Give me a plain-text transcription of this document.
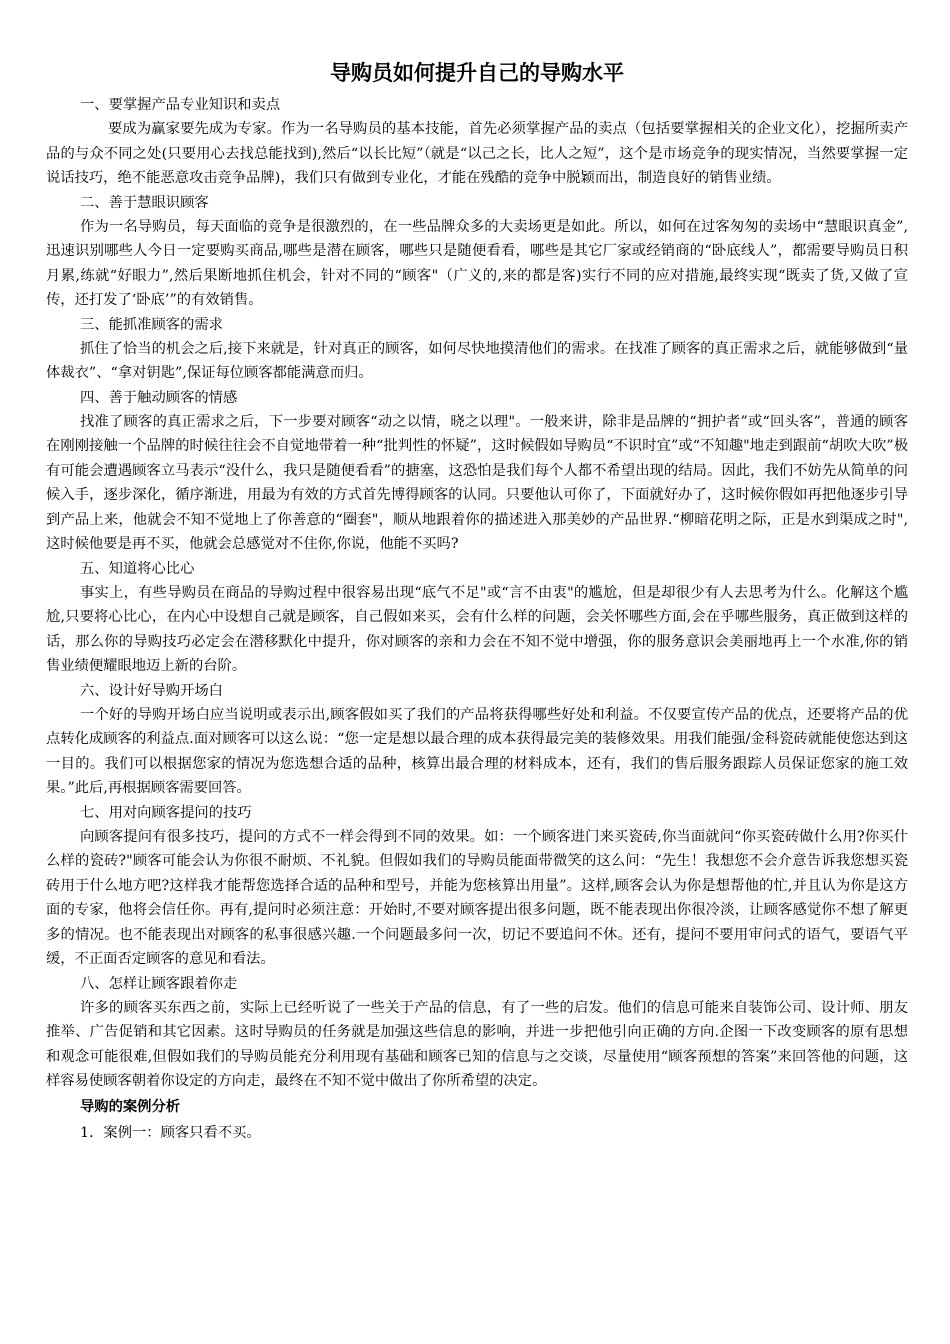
导购员如何提升自己的导购水平

一、要掌握产品专业知识和卖点

要成为赢家要先成为专家。作为一名导购员的基本技能，首先必须掌握产品的卖点（包括要掌握相关的企业文化），挖掘所卖产品的与众不同之处(只要用心去找总能找到),然后“以长比短”（就是“以己之长，比人之短”，这个是市场竞争的现实情况，当然要掌握一定说话技巧，绝不能恶意攻击竞争品牌)，我们只有做到专业化，才能在残酷的竞争中脱颖而出，制造良好的销售业绩。

二、善于慧眼识顾客

作为一名导购员，每天面临的竞争是很激烈的，在一些品牌众多的大卖场更是如此。所以，如何在过客匆匆的卖场中“慧眼识真金”,迅速识别哪些人今日一定要购买商品,哪些是潜在顾客，哪些只是随便看看，哪些是其它厂家或经销商的“卧底线人”，都需要导购员日积月累,练就“好眼力”,然后果断地抓住机会，针对不同的“顾客"（广义的,来的都是客)实行不同的应对措施,最终实现“既卖了货,又做了宣传，还打发了‘卧底’”的有效销售。

三、能抓准顾客的需求

抓住了恰当的机会之后,接下来就是，针对真正的顾客，如何尽快地摸清他们的需求。在找准了顾客的真正需求之后，就能够做到“量体裁衣”、“拿对钥匙”,保证每位顾客都能满意而归。

四、善于触动顾客的情感

找准了顾客的真正需求之后，下一步要对顾客“动之以情，晓之以理"。一般来讲，除非是品牌的“拥护者”或“回头客”，普通的顾客在刚刚接触一个品牌的时候往往会不自觉地带着一种“批判性的怀疑”，这时候假如导购员“不识时宜”或“不知趣"地走到跟前“胡吹大吹”极有可能会遭遇顾客立马表示“没什么，我只是随便看看”的搪塞，这恐怕是我们每个人都不希望出现的结局。因此，我们不妨先从简单的问候入手，逐步深化，循序渐进，用最为有效的方式首先博得顾客的认同。只要他认可你了，下面就好办了，这时候你假如再把他逐步引导到产品上来，他就会不知不觉地上了你善意的“圈套"，顺从地跟着你的描述进入那美妙的产品世界.“柳暗花明之际，正是水到渠成之时",这时候他要是再不买，他就会总感觉对不住你,你说，他能不买吗?

五、知道将心比心

事实上，有些导购员在商品的导购过程中很容易出现“底气不足"或“言不由衷"的尴尬，但是却很少有人去思考为什么。化解这个尴尬,只要将心比心，在内心中设想自己就是顾客，自己假如来买，会有什么样的问题，会关怀哪些方面,会在乎哪些服务，真正做到这样的话，那么你的导购技巧必定会在潜移默化中提升，你对顾客的亲和力会在不知不觉中增强，你的服务意识会美丽地再上一个水准,你的销售业绩便耀眼地迈上新的台阶。

六、设计好导购开场白

一个好的导购开场白应当说明或表示出,顾客假如买了我们的产品将获得哪些好处和利益。不仅要宣传产品的优点，还要将产品的优点转化成顾客的利益点.面对顾客可以这么说：“您一定是想以最合理的成本获得最完美的装修效果。用我们能强/金科瓷砖就能使您达到这一目的。我们可以根据您家的情况为您选想合适的品种，核算出最合理的材料成本，还有，我们的售后服务跟踪人员保证您家的施工效果。”此后,再根据顾客需要回答。

七、用对向顾客提问的技巧

向顾客提问有很多技巧，提问的方式不一样会得到不同的效果。如：一个顾客进门来买瓷砖,你当面就问“你买瓷砖做什么用?你买什么样的瓷砖?"顾客可能会认为你很不耐烦、不礼貌。但假如我们的导购员能面带微笑的这么问：“先生！我想您不会介意告诉我您想买瓷砖用于什么地方吧?这样我才能帮您选择合适的品种和型号，并能为您核算出用量”。这样,顾客会认为你是想帮他的忙,并且认为你是这方面的专家，他将会信任你。再有,提问时必须注意：开始时,不要对顾客提出很多问题，既不能表现出你很冷淡，让顾客感觉你不想了解更多的情况。也不能表现出对顾客的私事很感兴趣.一个问题最多问一次，切记不要追问不休。还有，提问不要用审问式的语气，要语气平缓，不正面否定顾客的意见和看法。

八、怎样让顾客跟着你走

许多的顾客买东西之前，实际上已经听说了一些关于产品的信息，有了一些的启发。他们的信息可能来自装饰公司、设计师、朋友推举、广告促销和其它因素。这时导购员的任务就是加强这些信息的影响，并进一步把他引向正确的方向.企图一下改变顾客的原有思想和观念可能很难,但假如我们的导购员能充分利用现有基础和顾客已知的信息与之交谈，尽量使用“顾客预想的答案”来回答他的问题，这样容易使顾客朝着你设定的方向走，最终在不知不觉中做出了你所希望的决定。

导购的案例分析

1．案例一：顾客只看不买。
